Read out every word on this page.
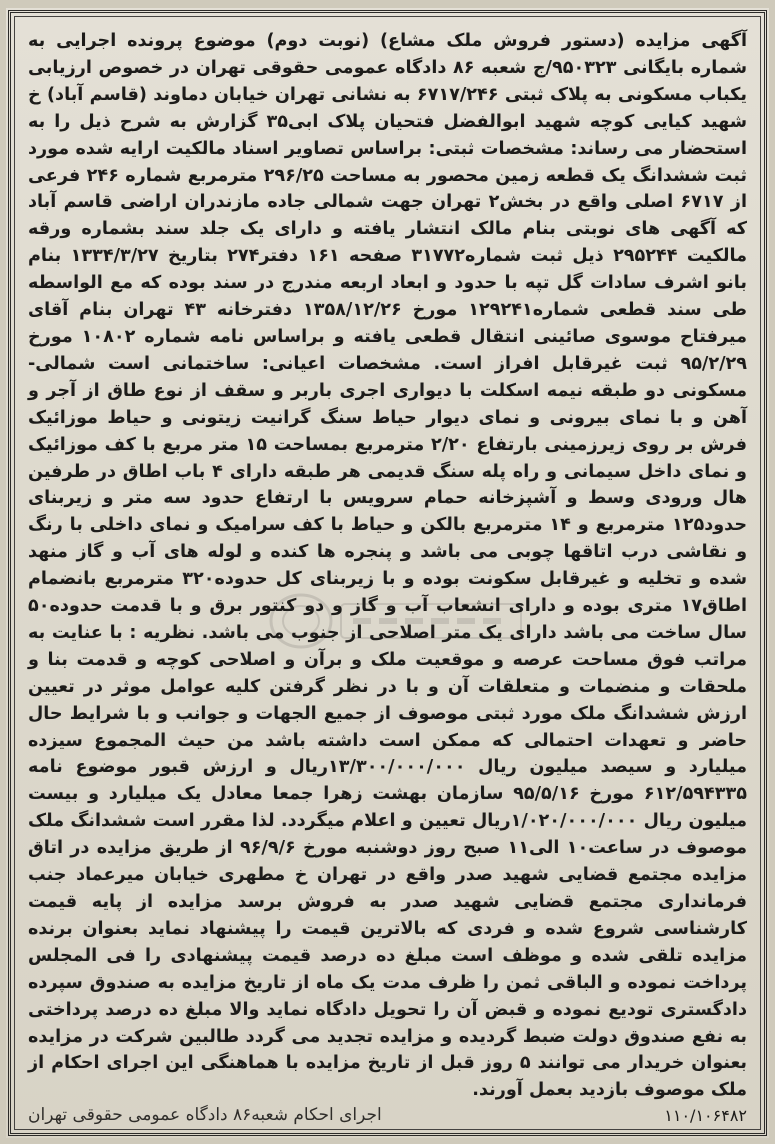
آگهی مزایده (دستور فروش ملک مشاع) (نوبت دوم) موضوع پرونده اجرایی به شماره بایگانی ۹۵۰۳۲۳/ج شعبه ۸۶ دادگاه عمومی حقوقی تهران در خصوص ارزیابی یکباب مسکونی به پلاک ثبتی ۶۷۱۷/۲۴۶ به نشانی تهران خیابان دماوند (قاسم آباد) خ شهید کیایی کوچه شهید ابوالفضل فتحیان پلاک ابی۳۵ گزارش به شرح ذیل را به استحضار می رساند: مشخصات ثبتی: براساس تصاویر اسناد مالکیت ارایه شده مورد ثبت ششدانگ یک قطعه زمین محصور به مساحت ۲۹۶/۲۵ مترمربع شماره ۲۴۶ فرعی از ۶۷۱۷ اصلی واقع در بخش۲ تهران جهت شمالی جاده مازندران اراضی قاسم آباد که آگهی های نوبتی بنام مالک انتشار یافته و دارای یک جلد سند بشماره ورقه مالکیت ۲۹۵۲۴۴ ذیل ثبت شماره۳۱۷۷۲ صفحه ۱۶۱ دفتر۲۷۴ بتاریخ ۱۳۳۴/۳/۲۷ بنام بانو اشرف سادات گل تپه با حدود و ابعاد اربعه مندرج در سند بوده که مع الواسطه طی سند قطعی شماره۱۲۹۲۴۱ مورخ ۱۳۵۸/۱۲/۲۶ دفترخانه ۴۳ تهران بنام آقای میرفتاح موسوی صائینی انتقال قطعی یافته و براساس نامه شماره ۱۰۸۰۲ مورخ ۹۵/۲/۲۹ ثبت غیرقابل افراز است. مشخصات اعیانی: ساختمانی است شمالی- مسکونی دو طبقه نیمه اسکلت با دیواری اجری باربر و سقف از نوع طاق از آجر و آهن و با نمای بیرونی و نمای دیوار حیاط سنگ گرانیت زیتونی و حیاط موزائیک فرش بر روی زیرزمینی بارتفاع ۲/۲۰ مترمربع بمساحت ۱۵ متر مربع با کف موزائیک و نمای داخل سیمانی و راه پله سنگ قدیمی هر طبقه دارای ۴ باب اطاق در طرفین هال ورودی وسط و آشپزخانه حمام سرویس با ارتفاع حدود سه متر و زیربنای حدود۱۲۵ مترمربع و ۱۴ مترمربع بالکن و حیاط با کف سرامیک و نمای داخلی با رنگ و نقاشی درب اتاقها چوبی می باشد و پنجره ها کنده و لوله های آب و گاز منهد شده و تخلیه و غیرقابل سکونت بوده و با زیربنای کل حدوده۳۲۰ مترمربع بانضمام اطاق۱۷ متری بوده و دارای انشعاب آب و گاز و دو کنتور برق و با قدمت حدوده۵۰ سال ساخت می باشد دارای یک متر اصلاحی از جنوب می باشد. نظریه : با عنایت به مراتب فوق مساحت عرصه و موقعیت ملک و برآن و اصلاحی کوچه و قدمت بنا و ملحقات و منضمات و متعلقات آن و با در نظر گرفتن کلیه عوامل موثر در تعیین ارزش ششدانگ ملک مورد ثبتی موصوف از جمیع الجهات و جوانب و با شرایط حال حاضر و تعهدات احتمالی که ممکن است داشته باشد من حیث المجموع سیزده میلیارد و سیصد میلیون ریال ۱۳/۳۰۰/۰۰۰/۰۰۰ریال و ارزش قبور موضوع نامه ۶۱۲/۵۹۴۳۳۵ مورخ ۹۵/۵/۱۶ سازمان بهشت زهرا جمعا معادل یک میلیارد و بیست میلیون ریال ۱/۰۲۰/۰۰۰/۰۰۰ریال تعیین و اعلام میگردد. لذا مقرر است ششدانگ ملک موصوف در ساعت۱۰ الی۱۱ صبح روز دوشنبه مورخ ۹۶/۹/۶ از طریق مزایده در اتاق مزایده مجتمع قضایی شهید صدر واقع در تهران خ مطهری خیابان میرعماد جنب فرمانداری مجتمع قضایی شهید صدر به فروش برسد مزایده از پایه قیمت کارشناسی شروع شده و فردی که بالاترین قیمت را پیشنهاد نماید بعنوان برنده مزایده تلقی شده و موظف است مبلغ ده درصد قیمت پیشنهادی را فی المجلس پرداخت نموده و الباقی ثمن را ظرف مدت یک ماه از تاریخ مزایده به صندوق سپرده دادگستری توديع نموده و قبض آن را تحویل دادگاه نماید والا مبلغ ده درصد پرداختی به نفع صندوق دولت ضبط گردیده و مزایده تجدید می گردد طالبین شرکت در مزایده بعنوان خریدار می توانند ۵ روز قبل از تاریخ مزایده با هماهنگی این اجرای احکام از ملک موصوف بازدید بعمل آورند.

اجرای احکام شعبه۸۶ دادگاه عمومی حقوقی تهران	۱۱۰/۱۰۶۴۸۲
